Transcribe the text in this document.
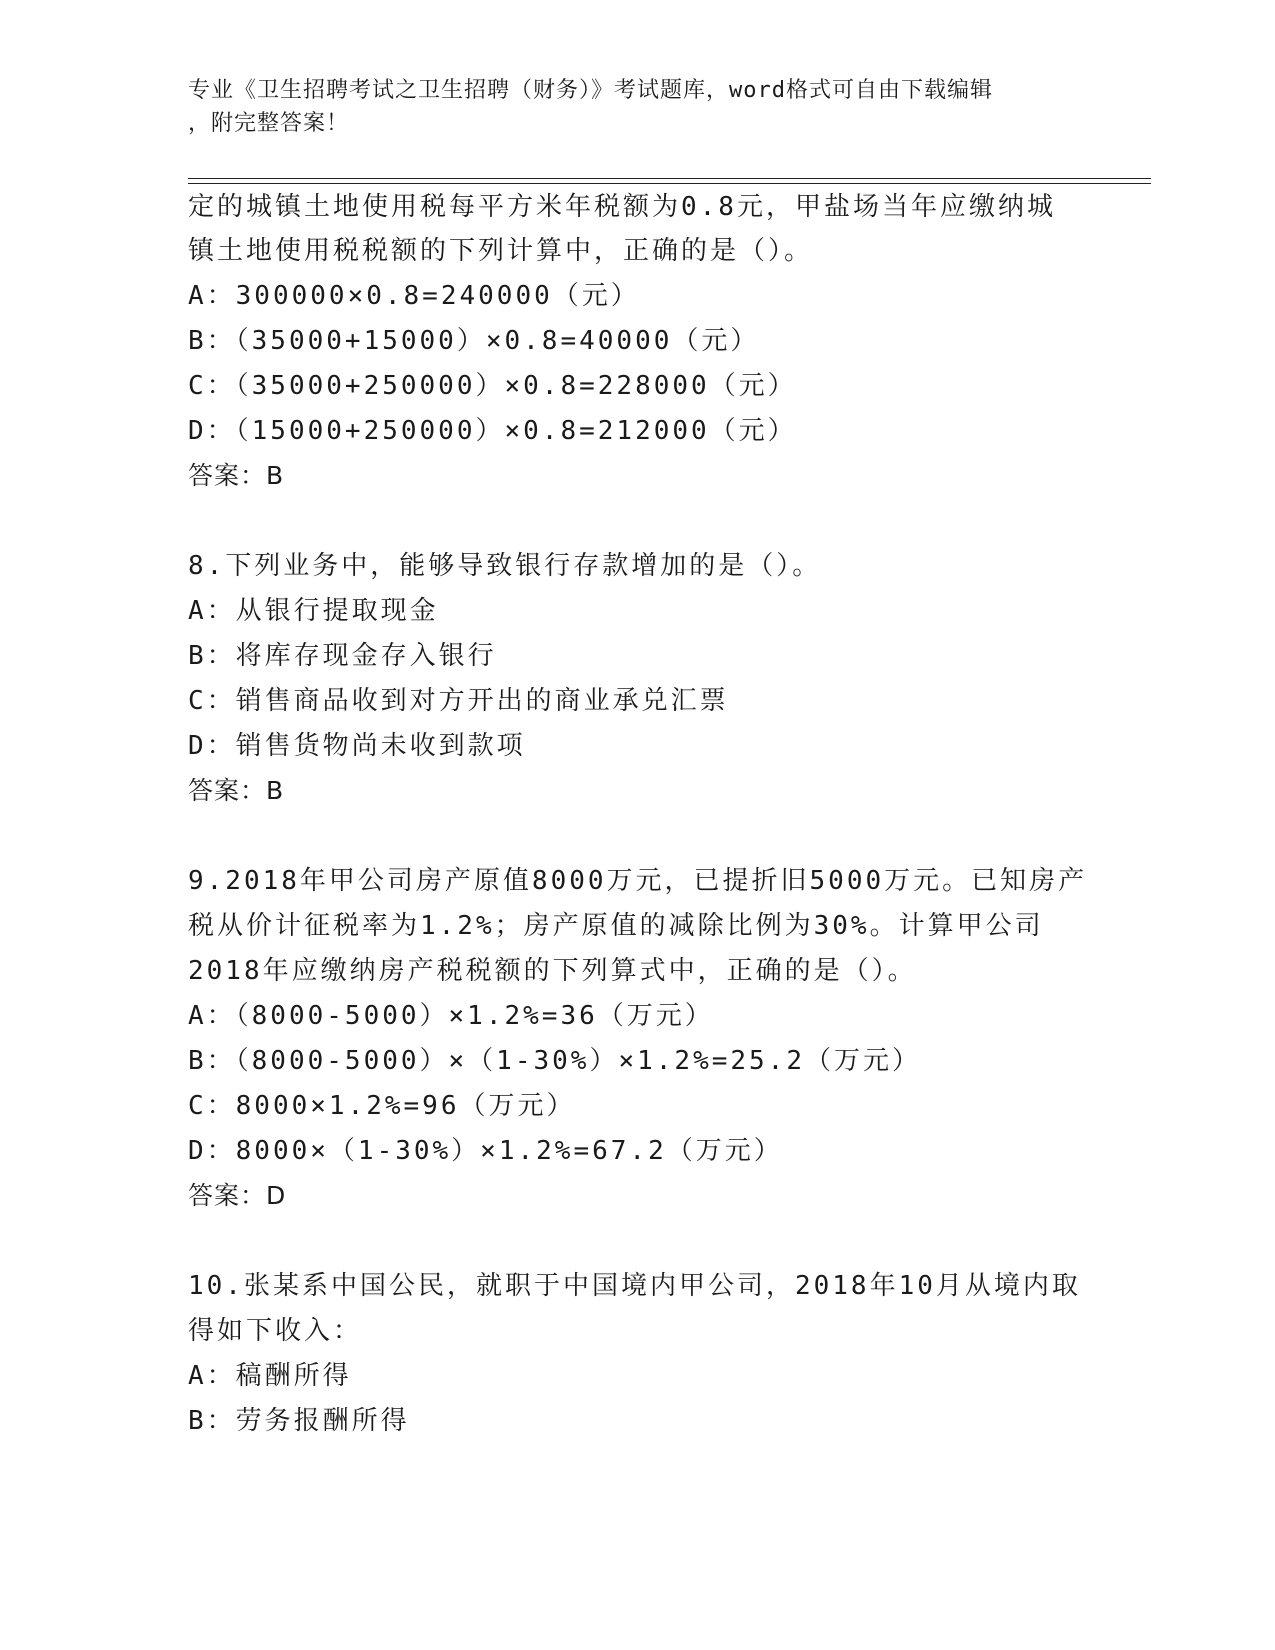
专业《卫生招聘考试之卫生招聘（财务）》考试题库，word格式可自由下载编辑
，附完整答案！
定的城镇土地使用税每平方米年税额为0.8元，甲盐场当年应缴纳城
镇土地使用税税额的下列计算中，正确的是（）。
A：300000×0.8=240000（元）
B：（35000+15000）×0.8=40000（元）
C：（35000+250000）×0.8=228000（元）
D：（15000+250000）×0.8=212000（元）
答案：B
8.下列业务中，能够导致银行存款增加的是（）。
A：从银行提取现金
B：将库存现金存入银行
C：销售商品收到对方开出的商业承兑汇票
D：销售货物尚未收到款项
答案：B
9.2018年甲公司房产原值8000万元，已提折旧5000万元。已知房产
税从价计征税率为1.2%；房产原值的减除比例为30%。计算甲公司
2018年应缴纳房产税税额的下列算式中，正确的是（）。
A：（8000-5000）×1.2%=36（万元）
B：（8000-5000）×（1-30%）×1.2%=25.2（万元）
C：8000×1.2%=96（万元）
D：8000×（1-30%）×1.2%=67.2（万元）
答案：D
10.张某系中国公民，就职于中国境内甲公司，2018年10月从境内取
得如下收入：
A：稿酬所得
B：劳务报酬所得
